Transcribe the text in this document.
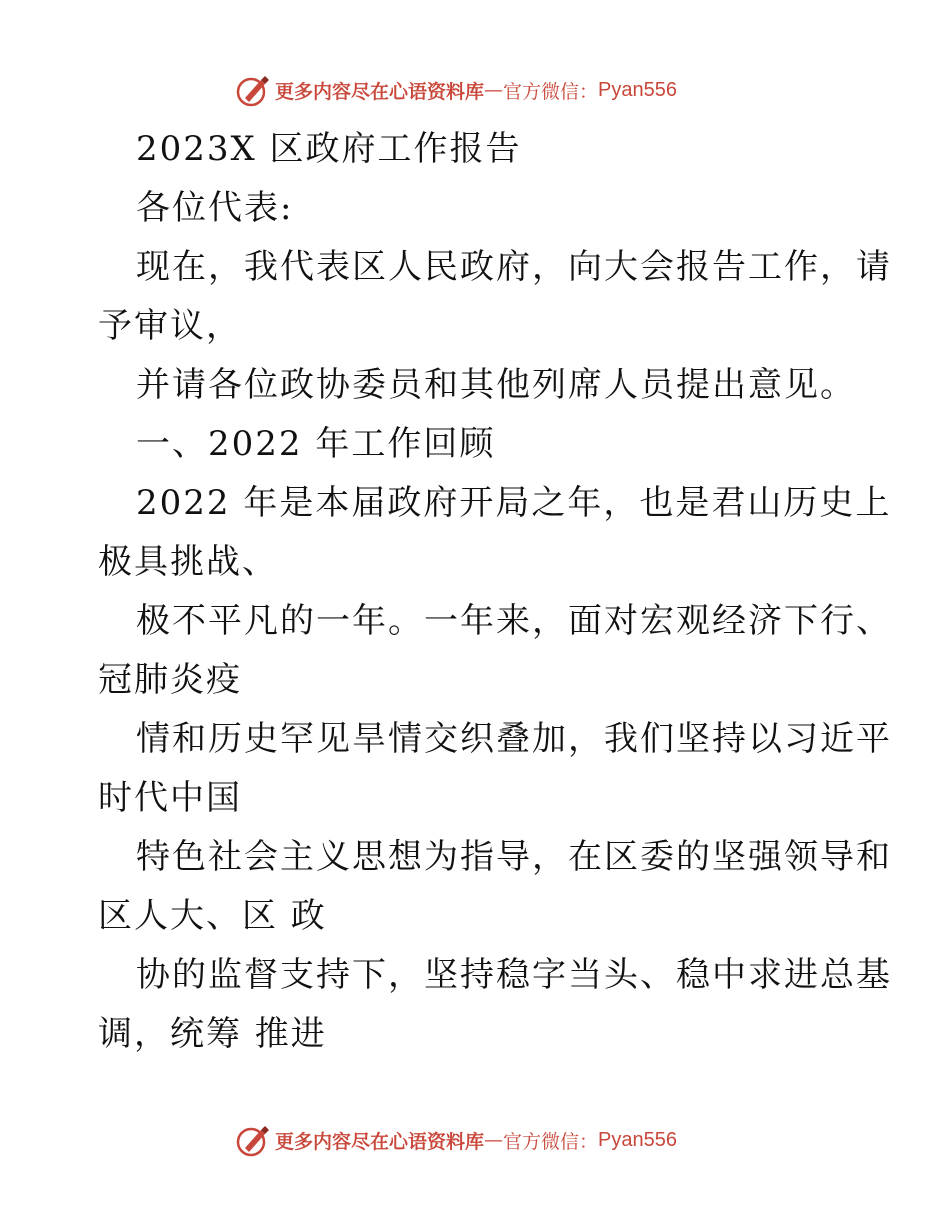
更多内容尽在心语资料库 — 官方微信： Pyan556
2023X 区政府工作报告
各位代表:
现在，我代表区人民政府，向大会报告工作，请
予审议，
并请各位政协委员和其他列席人员提出意见。
一、2022 年工作回顾
2022 年是本届政府开局之年，也是君山历史上
极具挑战、
极不平凡的一年。一年来，面对宏观经济下行、
冠肺炎疫
情和历史罕见旱情交织叠加，我们坚持以习近平
时代中国
特色社会主义思想为指导，在区委的坚强领导和
区人大、区 政
协的监督支持下，坚持稳字当头、稳中求进总基
调，统筹 推进
更多内容尽在心语资料库 — 官方微信： Pyan556
